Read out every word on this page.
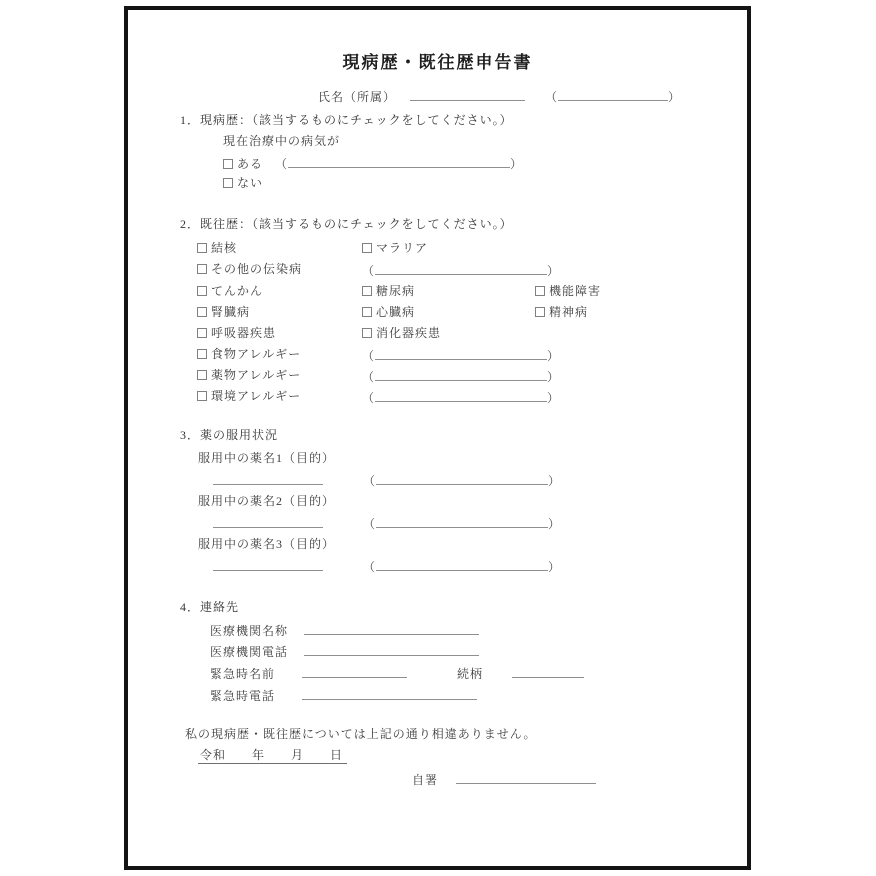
現病歴・既往歴申告書
氏名（所属）	（	）
1．現病歴：（該当するものにチェックをしてください。）
現在治療中の病気が
ある （	）
ない
2．既往歴：（該当するものにチェックをしてください。）
結核	マラリア
その他の伝染病	（	）
てんかん	糖尿病	機能障害
腎臓病	心臓病	精神病
呼吸器疾患	消化器疾患
食物アレルギー	（	）
薬物アレルギー	（	）
環境アレルギー	（	）
3．薬の服用状況
服用中の薬名1（目的）
（	）
服用中の薬名2（目的）
（	）
服用中の薬名3（目的）
（	）
4．連絡先
医療機関名称
医療機関電話
緊急時名前	続柄
緊急時電話
私の現病歴・既往歴については上記の通り相違ありません。
令和　　年　　月　　日
自署
